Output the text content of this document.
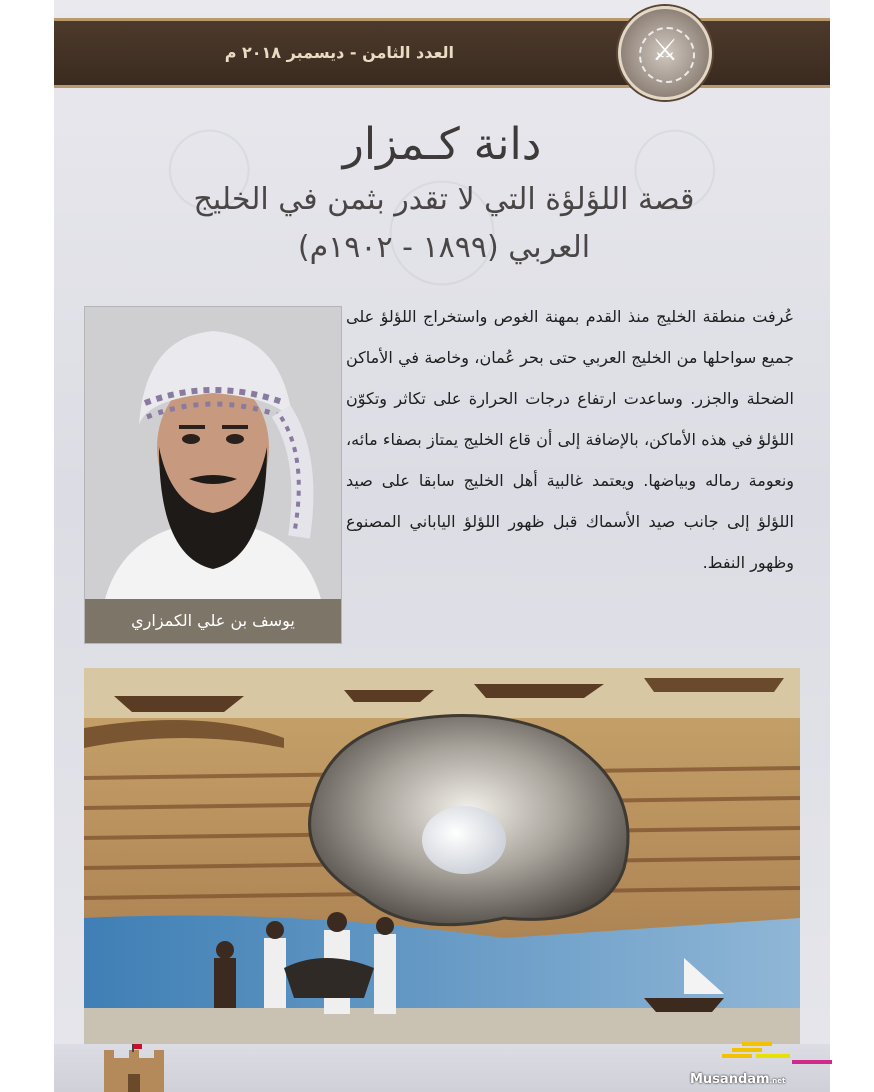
العدد الثامن - ديسمبر ٢٠١٨ م	⚔
دانة كـمزار
قصة اللؤلؤة التي لا تقدر بثمن في الخليج
العربي (١٨٩٩ - ١٩٠٢م)
يوسف بن علي الكمزاري
عُرفت منطقة الخليج منذ القدم بمهنة الغوص واستخراج اللؤلؤ على جميع سواحلها من الخليج العربي حتى بحر عُمان، وخاصة في الأماكن الضحلة والجزر. وساعدت ارتفاع درجات الحرارة على تكاثر وتكوّن اللؤلؤ في هذه الأماكن، بالإضافة إلى أن قاع الخليج يمتاز بصفاء مائه، ونعومة رماله وبياضها. ويعتمد غالبية أهل الخليج سابقا على صيد اللؤلؤ إلى جانب صيد الأسماك قبل ظهور اللؤلؤ الياباني المصنوع وظهور النفط.
Musandam.net
